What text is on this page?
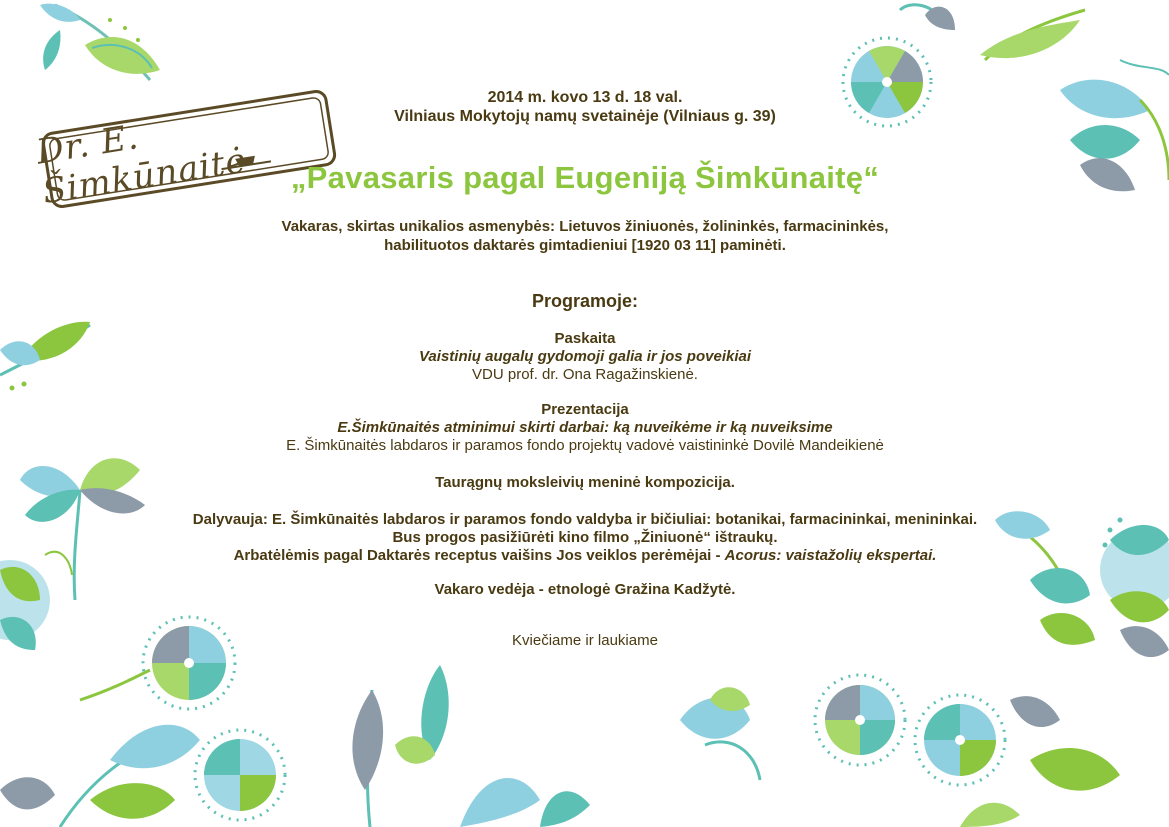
Dr. E. Šimkūnaitė
2014 m. kovo 13 d. 18 val.
Vilniaus Mokytojų namų svetainėje (Vilniaus g. 39)
„Pavasaris pagal Eugeniją Šimkūnaitę“
Vakaras, skirtas unikalios asmenybės: Lietuvos žiniuonės, žolininkės, farmacininkės,
habilituotos daktarės gimtadieniui [1920 03 11] paminėti.
Programoje:
Paskaita
Vaistinių augalų gydomoji galia ir jos poveikiai
VDU prof. dr. Ona Ragažinskienė.
Prezentacija
E.Šimkūnaitės atminimui skirti darbai: ką nuveikėme ir ką nuveiksime
E. Šimkūnaitės labdaros ir paramos fondo projektų vadovė vaistininkė Dovilė Mandeikienė
Taurągnų moksleivių meninė kompozicija.
Dalyvauja: E. Šimkūnaitės labdaros ir paramos fondo valdyba ir bičiuliai: botanikai, farmacininkai, menininkai.
Bus progos pasižiūrėti kino filmo „Žiniuonė“ ištraukų.
Arbatėlėmis pagal Daktarės receptus vaišins Jos veiklos perėmėjai - Acorus: vaistažolių ekspertai.
Vakaro vedėja - etnologė Gražina Kadžytė.
Kviečiame ir laukiame
